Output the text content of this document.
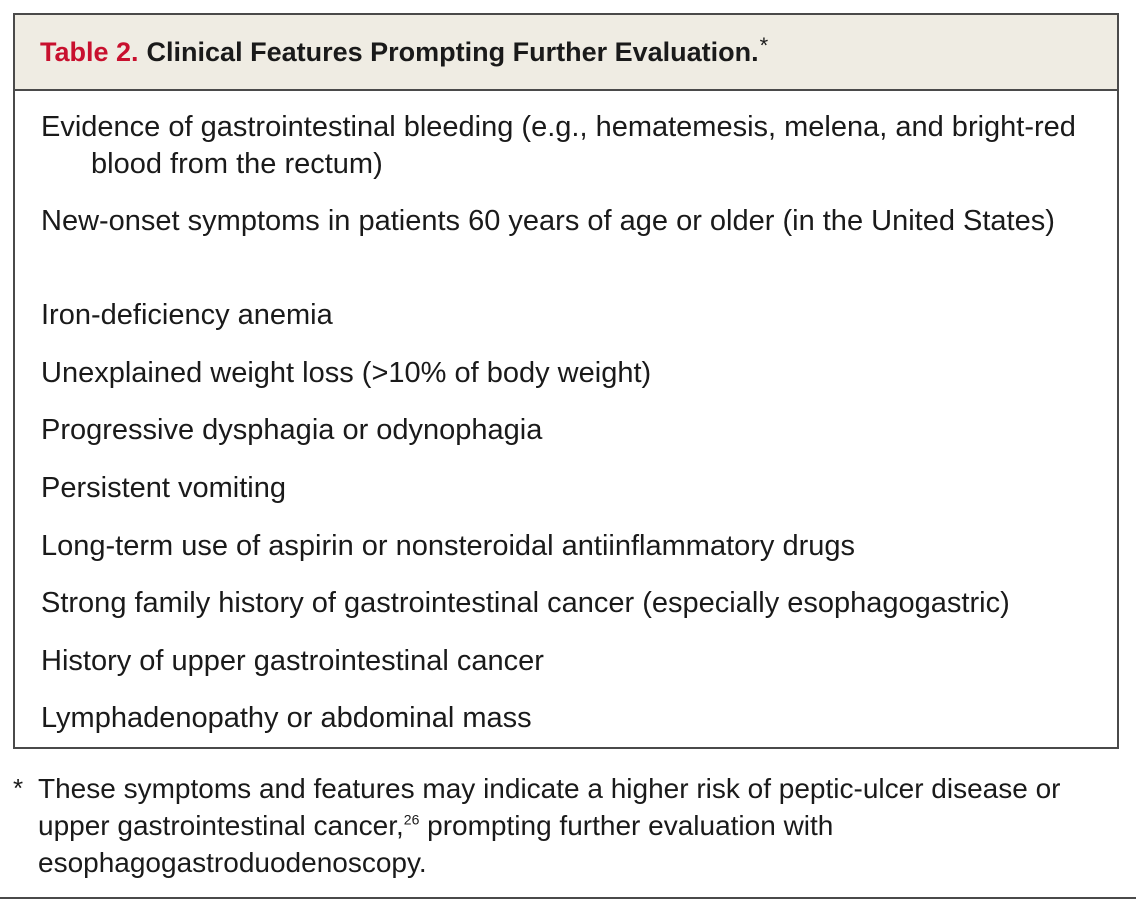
Table 2. Clinical Features Prompting Further Evaluation. *
Evidence of gastrointestinal bleeding (e.g., hematemesis, melena, and bright-red blood from the rectum)
New-onset symptoms in patients 60 years of age or older (in the United States)
Iron-deficiency anemia
Unexplained weight loss (>10% of body weight)
Progressive dysphagia or odynophagia
Persistent vomiting
Long-term use of aspirin or nonsteroidal antiinflammatory drugs
Strong family history of gastrointestinal cancer (especially esophagogastric)
History of upper gastrointestinal cancer
Lymphadenopathy or abdominal mass
* These symptoms and features may indicate a higher risk of peptic-ulcer disease or upper gastrointestinal cancer,$^{26}$ prompting further evaluation with esophagogastroduodenoscopy.
